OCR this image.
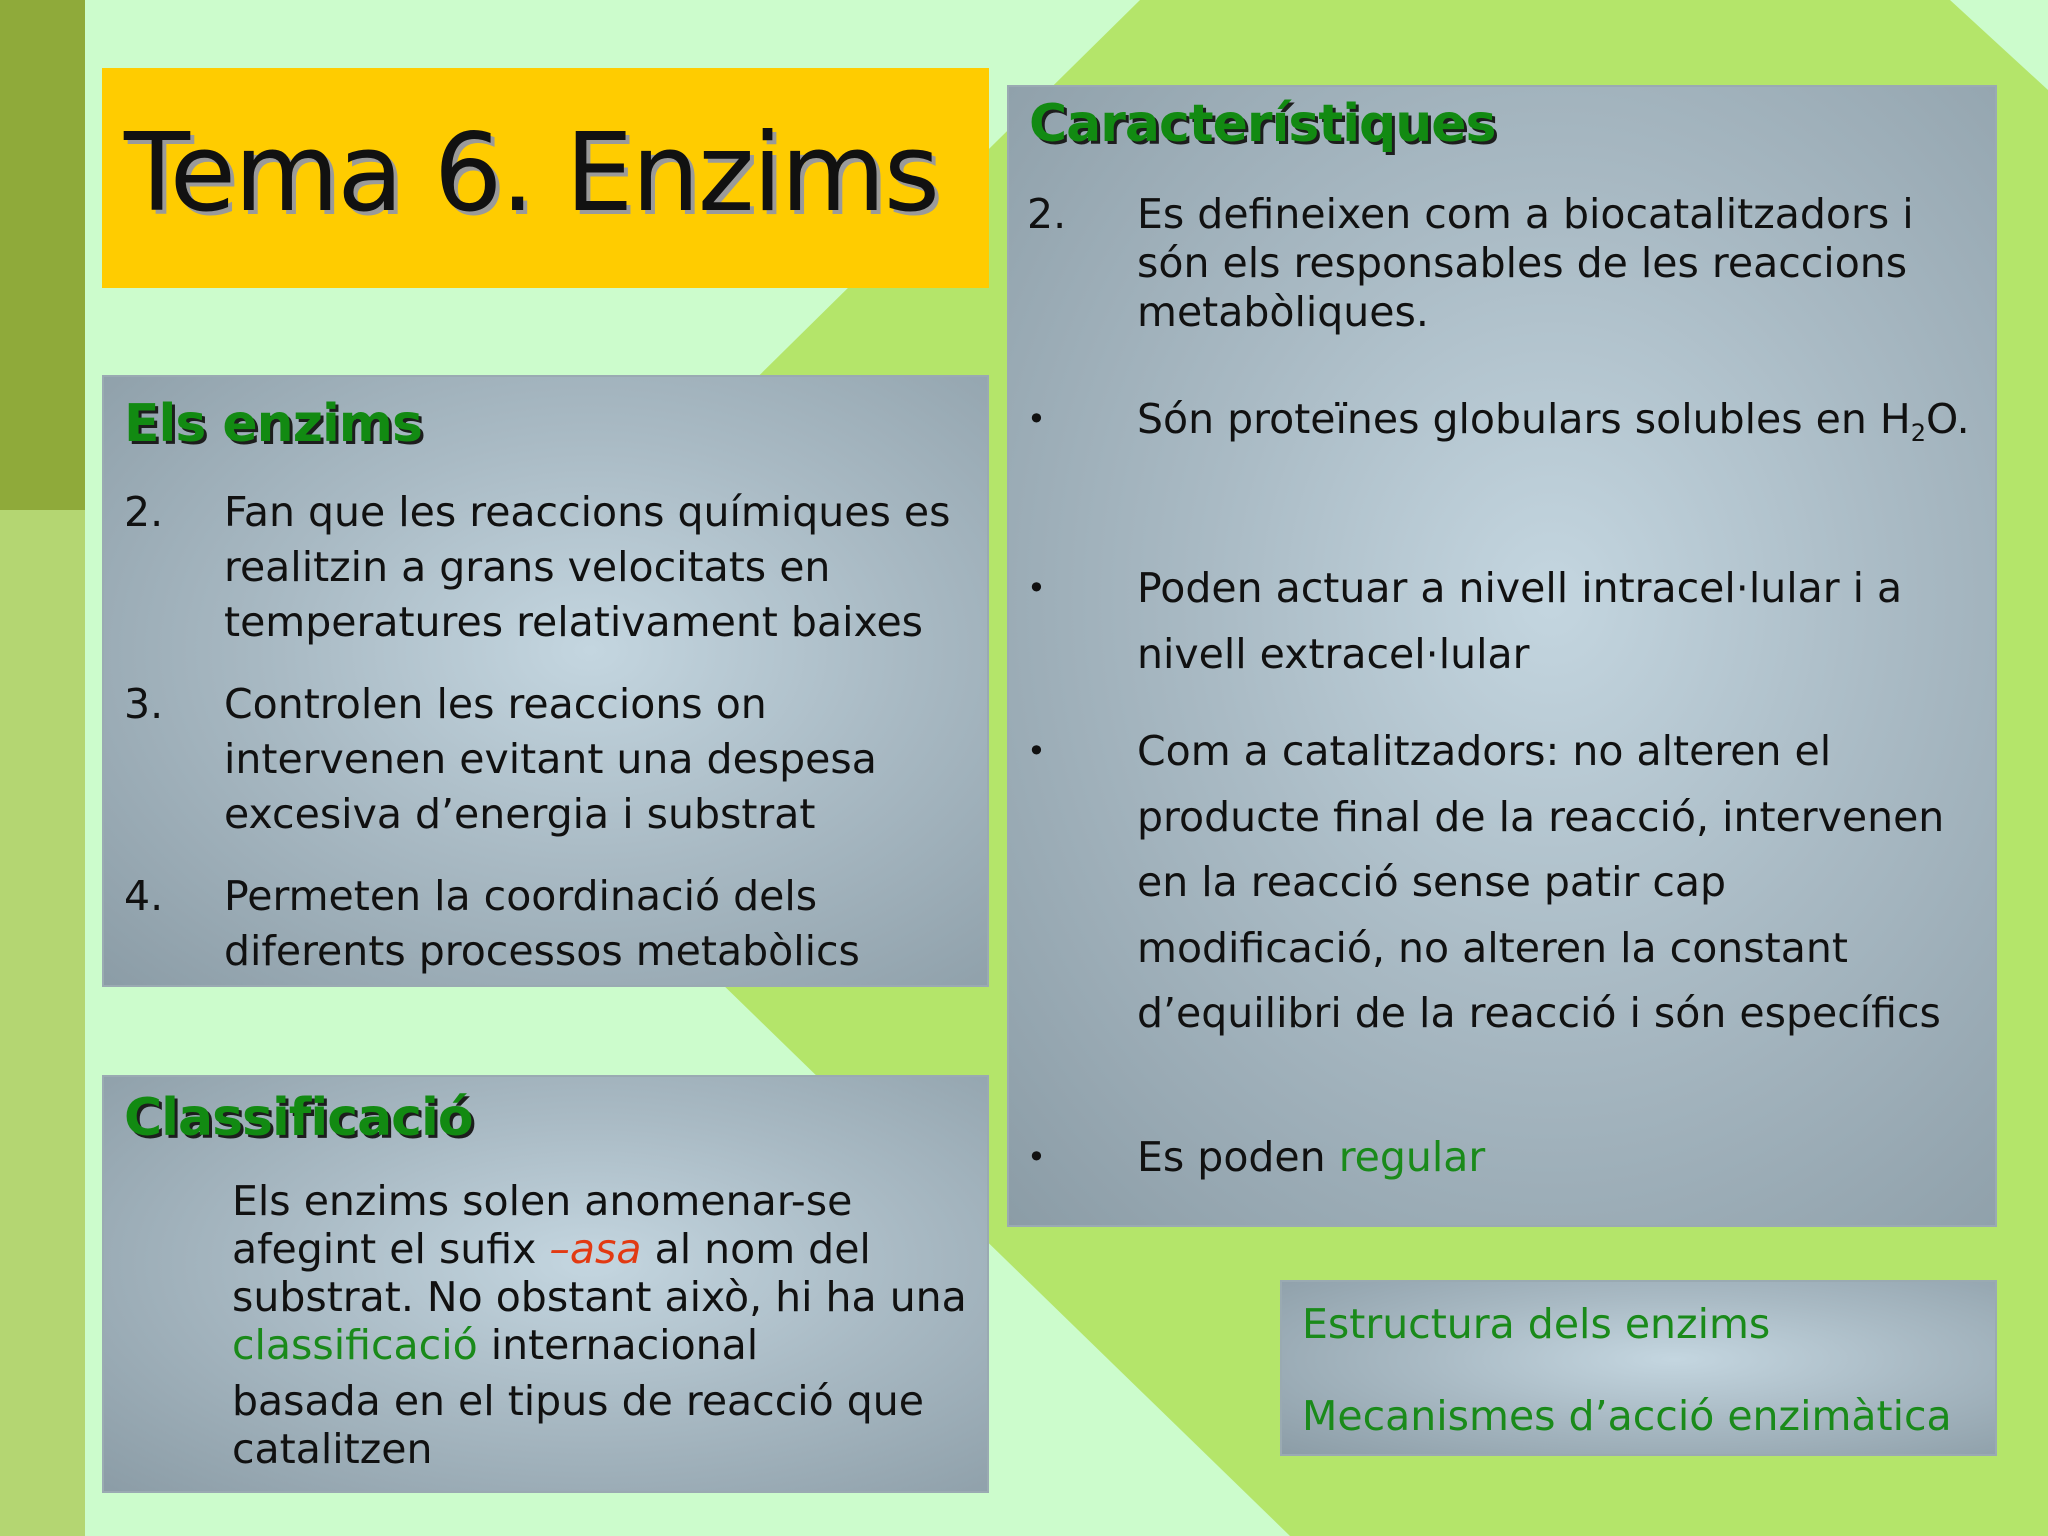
Tema 6. Enzims
Els enzims
2.	Fan que les reaccions químiques es realitzin a grans velocitats en temperatures relativament baixes
3.	Controlen les reaccions on intervenen evitant una despesa excesiva d’energia i substrat
4.	Permeten la coordinació dels diferents processos metabòlics
Classificació
Els enzims solen anomenar-se afegint el sufix –asa al nom del substrat. No obstant això, hi ha una classificació internacional
basada en el tipus de reacció que catalitzen
Característiques
2.	Es defineixen com a biocatalitzadors i són els responsables de les reaccions metabòliques.
•	Són proteïnes globulars solubles en $H_2O$.
•	Poden actuar a nivell intracel·lular i a nivell extracel·lular
•	Com a catalitzadors: no alteren el producte final de la reacció, intervenen en la reacció sense patir cap modificació, no alteren la constant d’equilibri de la reacció i són específics
•	Es poden regular
Estructura dels enzims
Mecanismes d’acció enzimàtica
